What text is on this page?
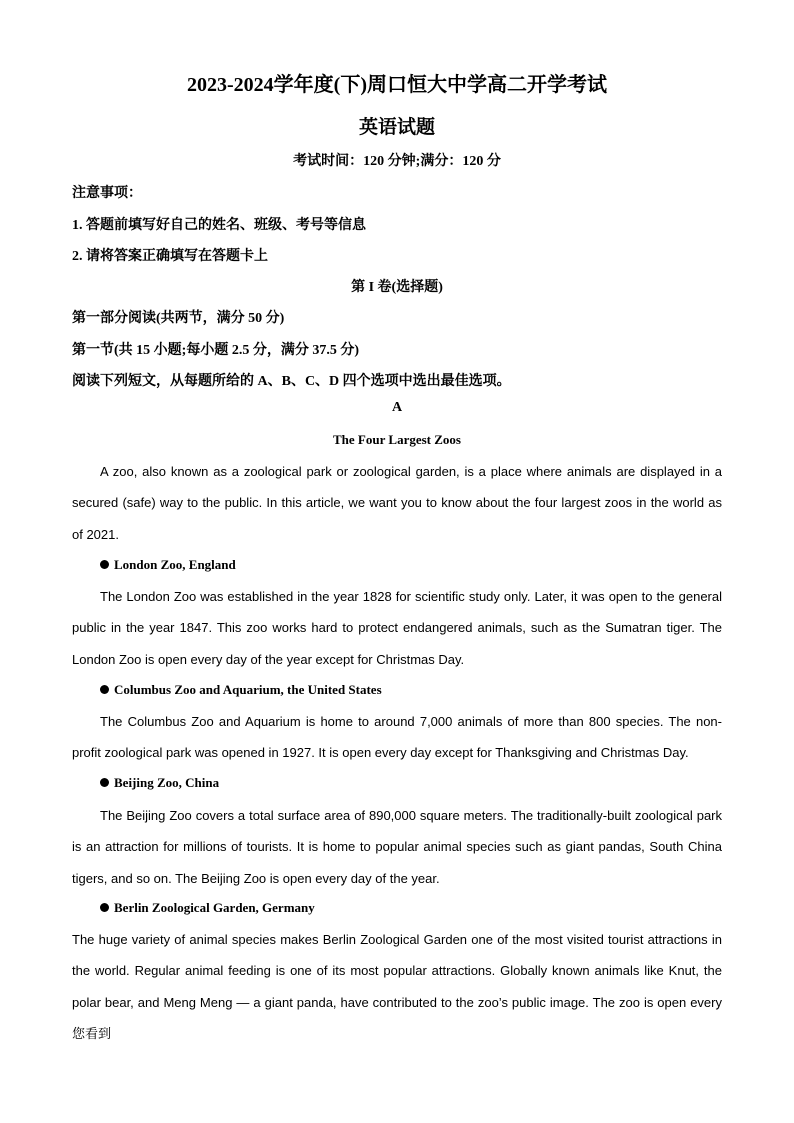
2023-2024学年度(下)周口恒大中学高二开学考试
英语试题
考试时间：120 分钟;满分：120 分
注意事项：
1. 答题前填写好自己的姓名、班级、考号等信息
2. 请将答案正确填写在答题卡上
第 I 卷(选择题)
第一部分阅读(共两节，满分 50 分)
第一节(共 15 小题;每小题 2.5 分，满分 37.5 分)
阅读下列短文，从每题所给的 A、B、C、D 四个选项中选出最佳选项。
A
The Four Largest Zoos
A zoo, also known as a zoological park or zoological garden, is a place where animals are displayed in a secured (safe) way to the public. In this article, we want you to know about the four largest zoos in the world as of 2021.
London Zoo, England
The London Zoo was established in the year 1828 for scientific study only. Later, it was open to the general public in the year 1847. This zoo works hard to protect endangered animals, such as the Sumatran tiger. The London Zoo is open every day of the year except for Christmas Day.
Columbus Zoo and Aquarium, the United States
The Columbus Zoo and Aquarium is home to around 7,000 animals of more than 800 species. The non-profit zoological park was opened in 1927. It is open every day except for Thanksgiving and Christmas Day.
Beijing Zoo, China
The Beijing Zoo covers a total surface area of 890,000 square meters. The traditionally-built zoological park is an attraction for millions of tourists. It is home to popular animal species such as giant pandas, South China tigers, and so on. The Beijing Zoo is open every day of the year.
Berlin Zoological Garden, Germany
The huge variety of animal species makes Berlin Zoological Garden one of the most visited tourist attractions in the world. Regular animal feeding is one of its most popular attractions. Globally known animals like Knut, the polar bear, and Meng Meng — a giant panda, have contributed to the zoo’s public image. The zoo is open every 您看到
